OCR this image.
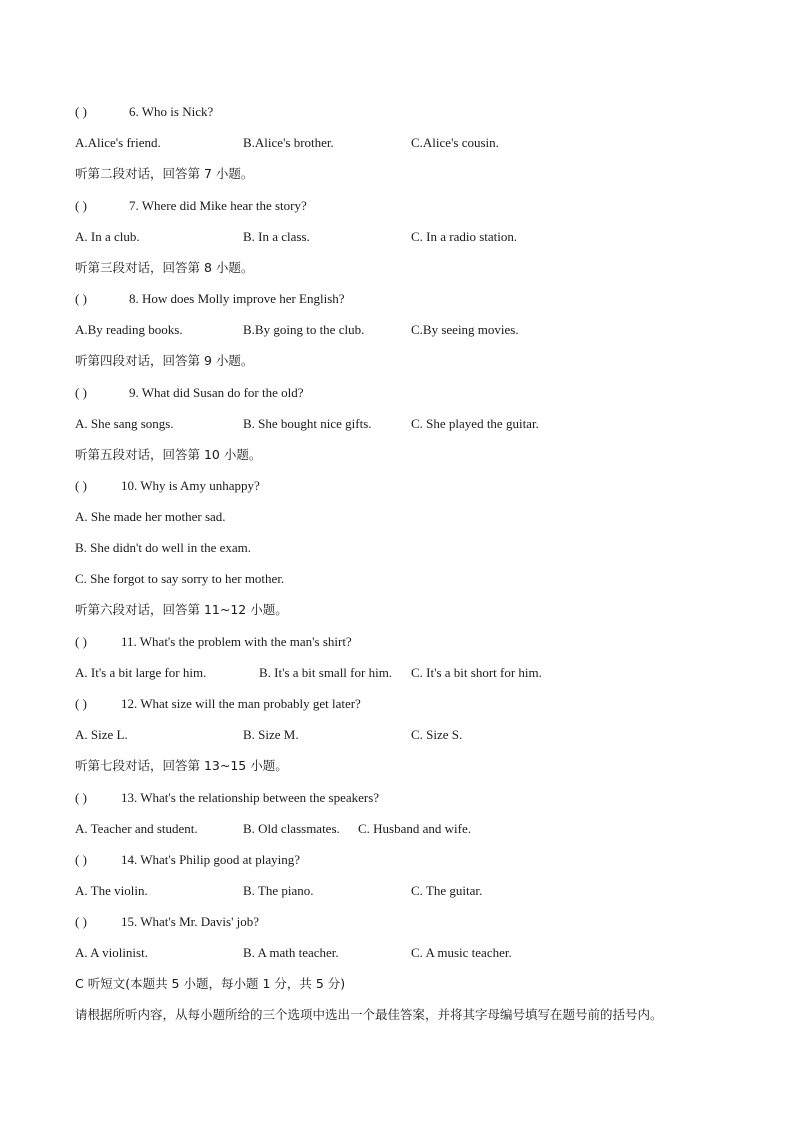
( )	6. Who is Nick?
A.Alice's friend.	B.Alice's brother.	C.Alice's cousin.
听第二段对话，回答第 7 小题。
( )	7. Where did Mike hear the story?
A. In a club.	B. In a class.	C. In a radio station.
听第三段对话，回答第 8 小题。
( )	8. How does Molly improve her English?
A.By reading books.	B.By going to the club.	C.By seeing movies.
听第四段对话，回答第 9 小题。
( )	9. What did Susan do for the old?
A. She sang songs.	B. She bought nice gifts.	C. She played the guitar.
听第五段对话，回答第 10 小题。
( )	10. Why is Amy unhappy?
A. She made her mother sad.
B. She didn't do well in the exam.
C. She forgot to say sorry to her mother.
听第六段对话，回答第 11~12 小题。
( )	11. What's the problem with the man's shirt?
A. It's a bit large for him.	B. It's a bit small for him. C. It's a bit short for him.
( )	12. What size will the man probably get later?
A. Size L.	B. Size M.	C. Size S.
听第七段对话，回答第 13~15 小题。
( )	13. What's the relationship between the speakers?
A. Teacher and student.	B. Old classmates. C. Husband and wife.
( )	14. What's Philip good at playing?
A. The violin.	B. The piano.	C. The guitar.
( )	15. What's Mr. Davis' job?
A. A violinist.	B. A math teacher.	C. A music teacher.
C 听短文(本题共 5 小题，每小题 1 分，共 5 分)
请根据所听内容，从每小题所给的三个选项中选出一个最佳答案，并将其字母编号填写在题号前的括号内。
